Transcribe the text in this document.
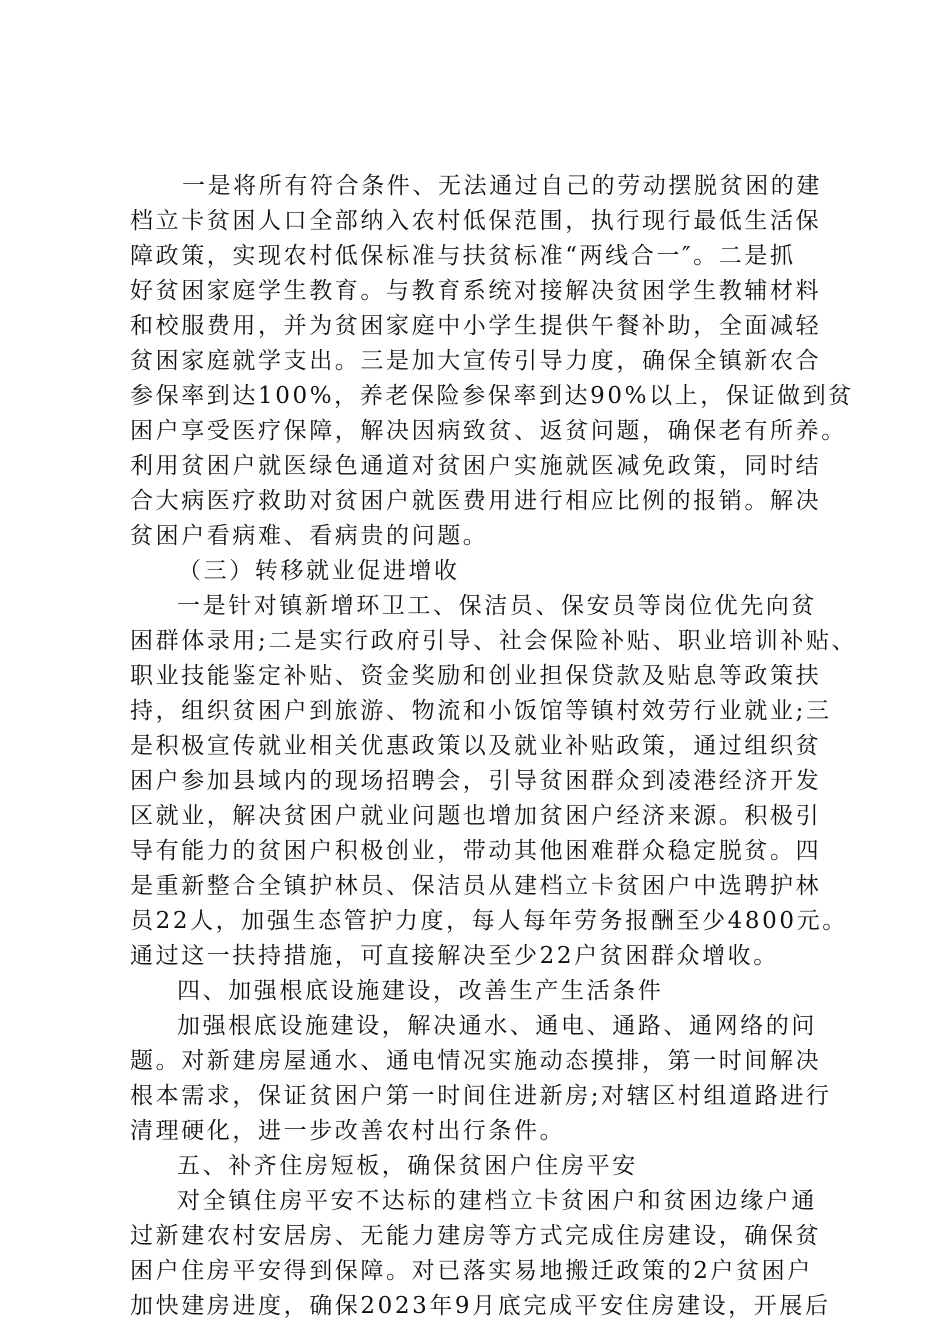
一是将所有符合条件、无法通过自己的劳动摆脱贫困的建
档立卡贫困人口全部纳入农村低保范围，执行现行最低生活保
障政策，实现农村低保标准与扶贫标准“两线合一″。二是抓
好贫困家庭学生教育。与教育系统对接解决贫困学生教辅材料
和校服费用，并为贫困家庭中小学生提供午餐补助，全面减轻
贫困家庭就学支出。三是加大宣传引导力度，确保全镇新农合
参保率到达100%，养老保险参保率到达90%以上，保证做到贫
困户享受医疗保障，解决因病致贫、返贫问题，确保老有所养。
利用贫困户就医绿色通道对贫困户实施就医减免政策，同时结
合大病医疗救助对贫困户就医费用进行相应比例的报销。解决
贫困户看病难、看病贵的问题。
（三）转移就业促进增收
一是针对镇新增环卫工、保洁员、保安员等岗位优先向贫
困群体录用;二是实行政府引导、社会保险补贴、职业培训补贴、
职业技能鉴定补贴、资金奖励和创业担保贷款及贴息等政策扶
持，组织贫困户到旅游、物流和小饭馆等镇村效劳行业就业;三
是积极宣传就业相关优惠政策以及就业补贴政策，通过组织贫
困户参加县域内的现场招聘会，引导贫困群众到凌港经济开发
区就业，解决贫困户就业问题也增加贫困户经济来源。积极引
导有能力的贫困户积极创业，带动其他困难群众稳定脱贫。四
是重新整合全镇护林员、保洁员从建档立卡贫困户中选聘护林
员22人，加强生态管护力度，每人每年劳务报酬至少4800元。
通过这一扶持措施，可直接解决至少22户贫困群众增收。
四、加强根底设施建设，改善生产生活条件
加强根底设施建设，解决通水、通电、通路、通网络的问
题。对新建房屋通水、通电情况实施动态摸排，第一时间解决
根本需求，保证贫困户第一时间住进新房;对辖区村组道路进行
清理硬化，进一步改善农村出行条件。
五、补齐住房短板，确保贫困户住房平安
对全镇住房平安不达标的建档立卡贫困户和贫困边缘户通
过新建农村安居房、无能力建房等方式完成住房建设，确保贫
困户住房平安得到保障。对已落实易地搬迁政策的2户贫困户
加快建房进度，确保2023年9月底完成平安住房建设，开展后
